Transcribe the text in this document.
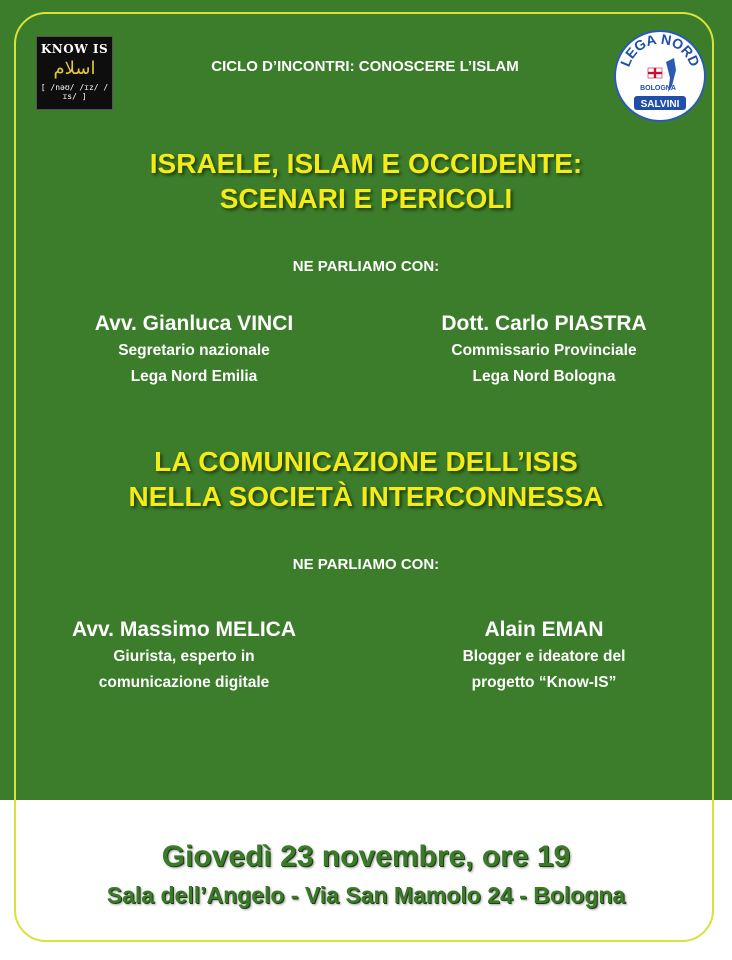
KNOW IS
اسلام
[ /nəʊ/ /ɪz/ /ɪs/ ]
CICLO D’INCONTRI: CONOSCERE L’ISLAM	LEGA NORD
BOLOGNA
SALVINI
ISRAELE, ISLAM E OCCIDENTE:
SCENARI E PERICOLI
NE PARLIAMO CON:
Avv. Gianluca VINCI
Segretario nazionale
Lega Nord Emilia
Dott. Carlo PIASTRA
Commissario Provinciale
Lega Nord Bologna
LA COMUNICAZIONE DELL’ISIS
NELLA SOCIETÀ INTERCONNESSA
NE PARLIAMO CON:
Avv. Massimo MELICA
Giurista, esperto in
comunicazione digitale
Alain EMAN
Blogger e ideatore del
progetto “Know-IS”
Giovedì 23 novembre, ore 19
Sala dell’Angelo - Via San Mamolo 24 - Bologna
